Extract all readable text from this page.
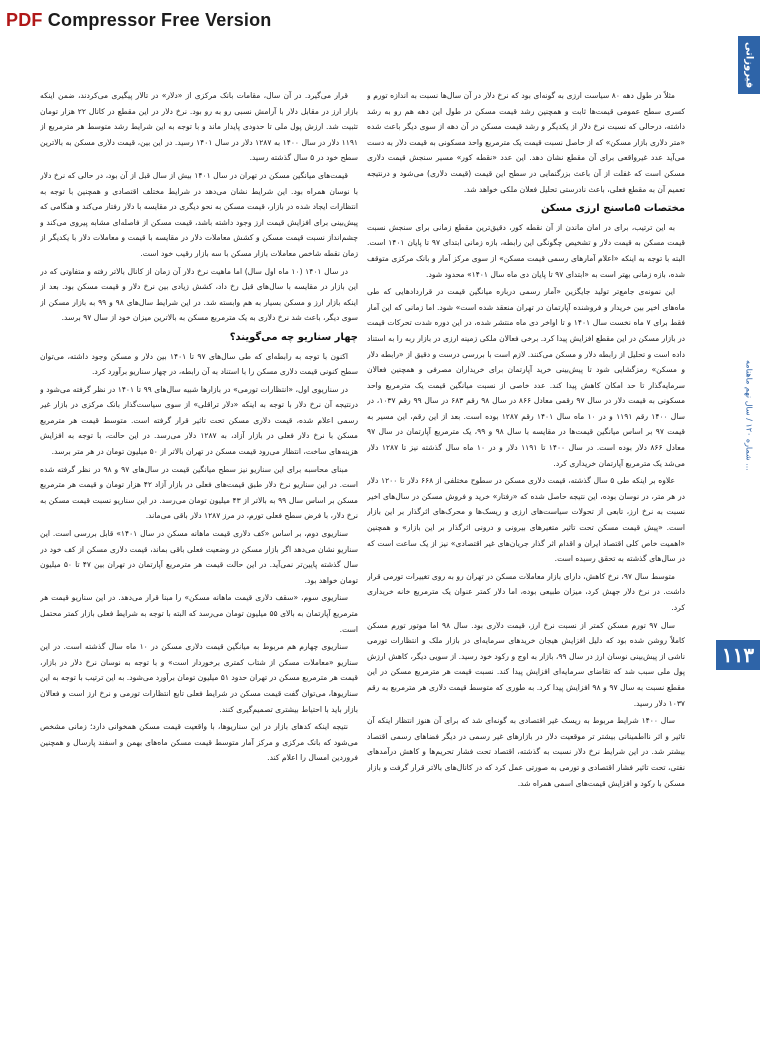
PDF Compressor Free Version
فیروزاتی
شماره ۱۲۰ / سال نهم ماهنامه ...
۱۱۳

مثلاً در طول دهه ۸۰ سیاست ارزی به گونه‌ای بود که نرخ دلار در آن سال‌ها نسبت به اندازه تورم و کسری سطح عمومی قیمت‌ها ثابت و همچنین رشد قیمت مسکن در طول این دهه هم رو به رشد داشته، درحالی که نسبت نرخ دلار از یکدیگر و رشد قیمت مسکن در آن دهه از سوی دیگر باعث شده «متر دلاری بازار مسکن» که از حاصل نسبت قیمت یک مترمربع واحد مسکونی به قیمت دلار به دست می‌آید عدد غیرواقعی برای آن مقطع نشان دهد. این عدد «نقطه کور» مسیر سنجش قیمت دلاری مسکن است که غفلت از آن باعث بزرگنمایی در سطح این قیمت (قیمت دلاری) می‌شود و درنتیجه تعمیم آن به مقطع فعلی، باعث نادرستی تحلیل فعلان ملکی خواهد شد.

مختصات ۵ماسنج ارزی مسکن

به این ترتیب، برای در امان ماندن از آن نقطه کور، دقیق‌ترین مقطع زمانی برای سنجش نسبت قیمت مسکن به قیمت دلار و تشخیص چگونگی این رابطه، بازه زمانی ابتدای ۹۷ تا پایان ۱۴۰۱ است. البته با توجه به اینکه «اعلام آمارهای رسمی قیمت مسکن» از سوی مرکز آمار و بانک مرکزی متوقف شده، بازه زمانی بهتر است به «ابتدای ۹۷ تا پایان دی ماه سال ۱۴۰۱» محدود شود.

این نمونه‌ی جامع‌تر تولید جایگزین «آمار رسمی درباره میانگین قیمت در قراردادهایی که طی ماه‌های اخیر بین خریدار و فروشنده آپارتمان در تهران منعقد شده است» شود. اما زمانی که این آمار فقط برای ۷ ماه نخست سال ۱۴۰۱ و تا اواخر دی ماه منتشر شده، در این دوره شدت تحرکات قیمت در بازار مسکن در این مقطع افزایش پیدا کرد. برخی فعالان ملکی زمینه ارزی در بازار ربه را به استناد داده است و تحلیل از رابطه دلار و مسکن می‌کنند. لازم است با بررسی درست و دقیق از «رابطه دلار و مسکن» رمزگشایی شود تا پیش‌بینی خرید آپارتمان برای خریداران مصرفی و همچنین فعالان سرمایه‌گذار تا حد امکان کاهش پیدا کند. عدد خاصی از نسبت میانگین قیمت یک مترمربع واحد مسکونی به قیمت دلار در سال ۹۷ رقمی معادل ۸۶۶ در سال ۹۸ رقم ۶۸۳ در سال ۹۹ رقم ۱۰۳۷، در سال ۱۴۰۰ رقم ۱۱۹۱ و در ۱۰ ماه سال ۱۴۰۱ رقم ۱۲۸۷ بوده است. بعد از این رقم، این مسیر به قیمت ۹۷ بر اساس میانگین قیمت‌ها در مقایسه با سال ۹۸ و ۹۹، یک مترمربع آپارتمان در سال ۹۷ معادل ۸۶۶ دلار بوده است. در سال ۱۴۰۰ تا ۱۱۹۱ دلار و در ۱۰ ماه سال گذشته نیز تا ۱۲۸۷ دلار می‌شد یک مترمربع آپارتمان خریداری کرد.

علاوه بر اینکه طی ۵ سال گذشته، قیمت دلاری مسکن در سطوح مختلفی از ۶۶۸ دلار تا ۱۲۰۰ دلار در هر متر، در نوسان بوده، این نتیجه حاصل شده که «رفتار» خرید و فروش مسکن در سال‌های اخیر نسبت به نرخ ارز، تابعی از تحولات سیاست‌های ارزی و ریسک‌ها و محرک‌های اثرگذار بر این بازار است. «پیش قیمت مسکن تحت تاثیر متغیرهای بیرونی و درونی اثرگذار بر این بازار» و همچنین «اهمیت خاص کلی اقتصاد ایران و اقدام اثر گذار جریان‌های غیر اقتصادی» نیز از یک ساعت است که در سال‌های گذشته به تحقق رسیده است.

متوسط سال ۹۷، نرخ کاهش، دارای بازار معاملات مسکن در تهران رو به روی تغییرات تورمی قرار داشت. در نرخ دلار جهش کرد، میزان طبیعی بوده، اما دلار کمتر عنوان یک مترمربع خانه خریداری کرد.

سال ۹۷ تورم مسکن کمتر از نسبت نرخ ارز، قیمت دلاری بود. سال ۹۸ اما موتور تورم مسکن کاملاً روشن شده بود که دلیل افزایش هیجان خریدهای سرمایه‌ای در بازار ملک و انتظارات تورمی ناشی از پیش‌بینی نوسان ارز در سال ۹۹، بازار به اوج و رکود خود رسید. از سویی دیگر، کاهش ارزش پول ملی سبب شد که تقاضای سرمایه‌ای افزایش پیدا کند. نسبت قیمت هر مترمربع مسکن در این مقطع نسبت به سال ۹۷ و ۹۸ افزایش پیدا کرد. به طوری که متوسط قیمت دلاری هر مترمربع به رقم ۱۰۳۷ دلار رسید.

سال ۱۴۰۰ شرایط مربوط به ریسک غیر اقتصادی به گونه‌ای شد که برای آن هنوز انتظار اینکه آن تاثیر و اثر نااطمینانی بیشتر تر موقعیت دلار در بازارهای غیر رسمی در دیگر فضاهای رسمی اقتصاد بیشتر شد. در این شرایط نرخ دلار نسبت به گذشته، اقتصاد تحت فشار تحریم‌ها و کاهش درآمدهای نفتی، تحت تاثیر فشار اقتصادی و تورمی به صورتی عمل کرد که در کانال‌های بالاتر قرار گرفت و بازار مسکن با رکود و افزایش قیمت‌های اسمی همراه شد.

قرار می‌گیرد. در آن سال، مقامات بانک مرکزی از «دلار» در تالار پیگیری می‌کردند، ضمن اینکه بازار ارز در مقابل دلار با آرامش نسبی رو به رو بود. نرخ دلار در این مقطع در کانال ۲۲ هزار تومان تثبیت شد. ارزش پول ملی تا حدودی پایدار ماند و با توجه به این شرایط رشد متوسط هر مترمربع از ۱۱۹۱ دلار در سال ۱۴۰۰ به ۱۲۸۷ دلار در سال ۱۴۰۱ رسید. در این بین، قیمت دلاری مسکن به بالاترین سطح خود در ۵ سال گذشته رسید.

قیمت‌های میانگین مسکن در تهران در سال ۱۴۰۱ بیش از سال قبل از آن بود، در حالی که نرخ دلار با نوسان همراه بود. این شرایط نشان می‌دهد در شرایط مختلف اقتصادی و همچنین با توجه به انتظارات ایجاد شده در بازار، قیمت مسکن به نحو دیگری در مقایسه با دلار رفتار می‌کند و هنگامی که پیش‌بینی برای افزایش قیمت ارز وجود داشته باشد، قیمت مسکن از فاصله‌ای مشابه پیروی می‌کند و چشم‌انداز نسبت قیمت مسکن و کشش معاملات دلار در مقایسه با قیمت و معاملات دلار با یکدیگر از زمان نقطه شاخص معاملات بازار مسکن با سه بازار رقیب خود است.

در سال ۱۴۰۱ (۱۰ ماه اول سال) اما ماهیت نرخ دلار آن زمان از کانال بالاتر رفته و متفاوتی که در این بازار در مقایسه با سال‌های قبل رخ داد، کشش زیادی بین نرخ دلار و قیمت مسکن بود. بعد از اینکه بازار ارز و مسکن بسیار به هم وابسته شد. در این شرایط سال‌های ۹۸ و ۹۹ به بازار مسکن از سوی دیگر، باعث شد نرخ دلاری به یک مترمربع مسکن به بالاترین میزان خود از سال ۹۷ برسد.

چهار سناریو چه می‌گویند؟

اکنون با توجه به رابطه‌ای که طی سال‌های ۹۷ تا ۱۴۰۱ بین دلار و مسکن وجود داشته، می‌توان سطح کنونی قیمت دلاری مسکن را با استناد به آن رابطه، در چهار سناریو برآورد کرد.

در سناریوی اول، «انتظارات تورمی» در بازارها شبیه سال‌های ۹۹ تا ۱۴۰۱ در نظر گرفته می‌شود و درنتیجه آن نرخ دلار با توجه به اینکه «دلار تراقلی» از سوی سیاست‌گذار بانک مرکزی در بازار غیر رسمی اعلام شده، قیمت دلاری مسکن تحت تاثیر قرار گرفته است. متوسط قیمت هر مترمربع مسکن با نرخ دلار فعلی در بازار آزاد، به ۱۲۸۷ دلار می‌رسد. در این حالت، با توجه به افزایش هزینه‌های ساخت، انتظار می‌رود قیمت مسکن در تهران بالاتر از ۵۰ میلیون تومان در هر متر برسد.

مبنای محاسبه برای این سناریو نیز سطح میانگین قیمت در سال‌های ۹۷ و ۹۸ در نظر گرفته شده است. در این سناریو نرخ دلار طبق قیمت‌های فعلی در بازار آزاد ۴۲ هزار تومان و قیمت هر مترمربع مسکن بر اساس سال ۹۹ به بالاتر از ۴۳ میلیون تومان می‌رسد. در این سناریو نسبت قیمت مسکن به نرخ دلار، با فرض سطح فعلی تورم، در مرز ۱۲۸۷ دلار باقی می‌ماند.

سناریوی دوم، بر اساس «کف دلاری قیمت ماهانه مسکن در سال ۱۴۰۱» قابل بررسی است. این سناریو نشان می‌دهد اگر بازار مسکن در وضعیت فعلی باقی بماند، قیمت دلاری مسکن از کف خود در سال گذشته پایین‌تر نمی‌آید. در این حالت قیمت هر مترمربع آپارتمان در تهران بین ۴۷ تا ۵۰ میلیون تومان خواهد بود.

سناریوی سوم، «سقف دلاری قیمت ماهانه مسکن» را مبنا قرار می‌دهد. در این سناریو قیمت هر مترمربع آپارتمان به بالای ۵۵ میلیون تومان می‌رسد که البته با توجه به شرایط فعلی بازار کمتر محتمل است.

سناریوی چهارم هم مربوط به میانگین قیمت دلاری مسکن در ۱۰ ماه سال گذشته است. در این سناریو «معاملات مسکن از شتاب کمتری برخوردار است» و با توجه به نوسان نرخ دلار در بازار، قیمت هر مترمربع مسکن در تهران حدود ۵۱ میلیون تومان برآورد می‌شود. به این ترتیب با توجه به این سناریوها، می‌توان گفت قیمت مسکن در شرایط فعلی تابع انتظارات تورمی و نرخ ارز است و فعالان بازار باید با احتیاط بیشتری تصمیم‌گیری کنند.

نتیجه اینکه کدهای بازار در این سناریوها، با واقعیت قیمت مسکن همخوانی دارد؛ زمانی مشخص می‌شود که بانک مرکزی و مرکز آمار متوسط قیمت مسکن ماه‌های بهمن و اسفند پارسال و همچنین فروردین امسال را اعلام کند.
